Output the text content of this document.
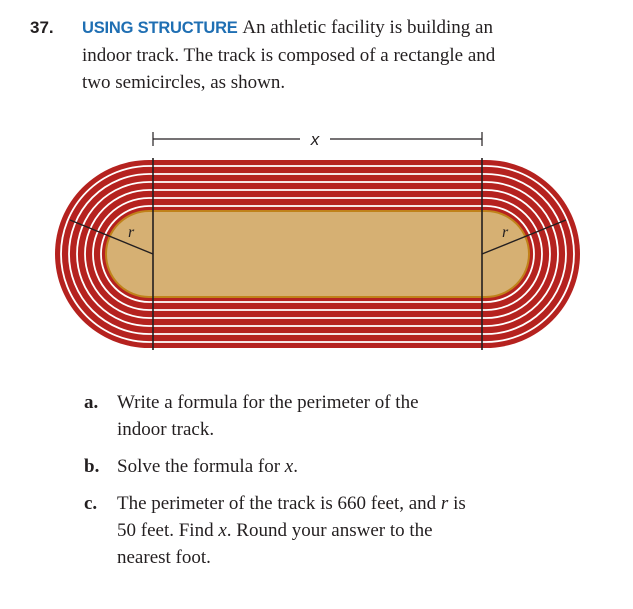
37. USING STRUCTURE An athletic facility is building an
indoor track. The track is composed of a rectangle and
two semicircles, as shown.
x
r	r
a. Write a formula for the perimeter of the
indoor track.
b. Solve the formula for x.
c.	The perimeter of the track is 660 feet, and r is
50 feet. Find x. Round your answer to the
nearest foot.
